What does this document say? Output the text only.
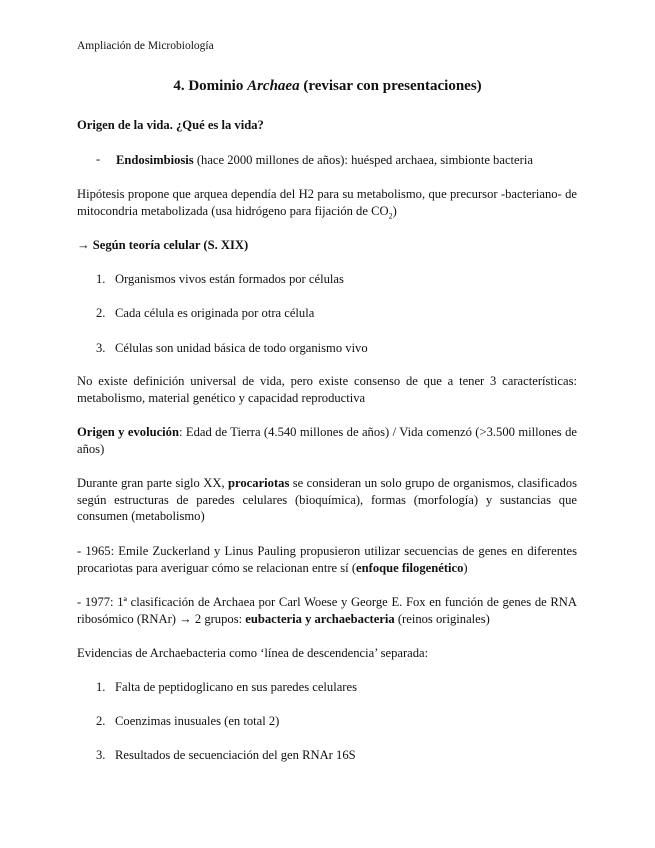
Ampliación de Microbiología
4. Dominio Archaea (revisar con presentaciones)
Origen de la vida. ¿Qué es la vida?
- Endosimbiosis (hace 2000 millones de años): huésped archaea, simbionte bacteria
Hipótesis propone que arquea dependía del H2 para su metabolismo, que precursor -bacteriano- de mitocondria metabolizada (usa hidrógeno para fijación de $CO_2$)
→ Según teoría celular (S. XIX)
1. Organismos vivos están formados por células
2. Cada célula es originada por otra célula
3. Células son unidad básica de todo organismo vivo
No existe definición universal de vida, pero existe consenso de que a tener 3 características: metabolismo, material genético y capacidad reproductiva
Origen y evolución: Edad de Tierra (4.540 millones de años) / Vida comenzó (>3.500 millones de años)
Durante gran parte siglo XX, procariotas se consideran un solo grupo de organismos, clasificados según estructuras de paredes celulares (bioquímica), formas (morfología) y sustancias que consumen (metabolismo)
- 1965: Emile Zuckerland y Linus Pauling propusieron utilizar secuencias de genes en diferentes procariotas para averiguar cómo se relacionan entre sí (enfoque filogenético)
- 1977: 1ª clasificación de Archaea por Carl Woese y George E. Fox en función de genes de RNA ribosómico (RNAr) → 2 grupos: eubacteria y archaebacteria (reinos originales)
Evidencias de Archaebacteria como ‘línea de descendencia’ separada:
1. Falta de peptidoglicano en sus paredes celulares
2. Coenzimas inusuales (en total 2)
3. Resultados de secuenciación del gen RNAr 16S
